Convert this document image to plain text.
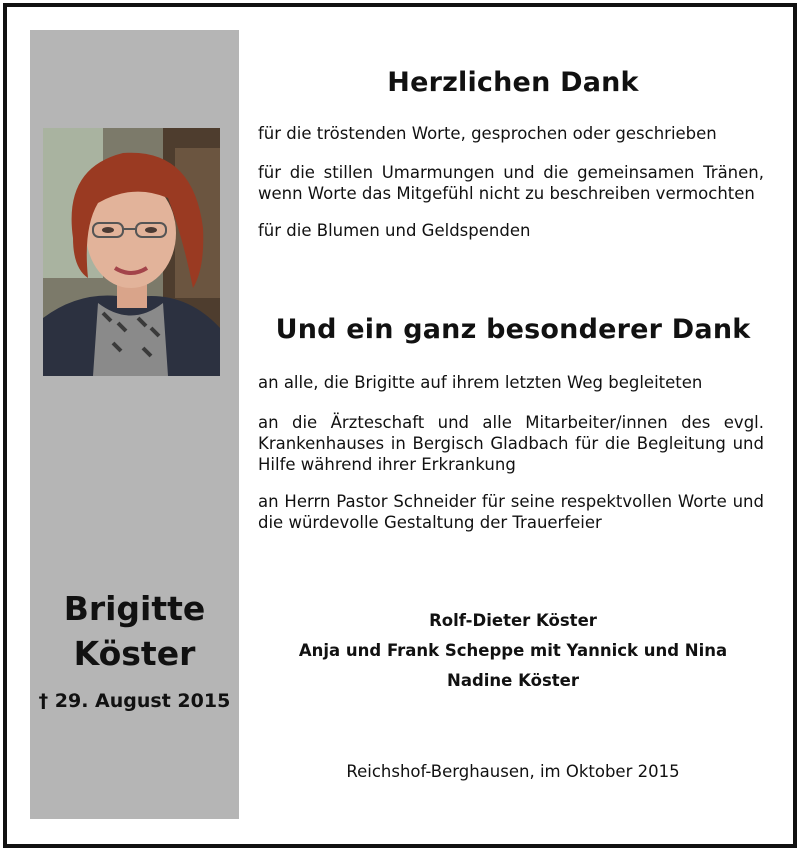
Brigitte
Köster
† 29. August 2015
Herzlichen Dank
für die tröstenden Worte, gesprochen oder geschrieben
für die stillen Umarmungen und die gemeinsamen Tränen, wenn Worte das Mitgefühl nicht zu beschreiben vermochten
für die Blumen und Geldspenden
Und ein ganz besonderer Dank
an alle, die Brigitte auf ihrem letzten Weg begleiteten
an die Ärzteschaft und alle Mitarbeiter/innen des evgl. Krankenhauses in Bergisch Gladbach für die Begleitung und Hilfe während ihrer Erkrankung
an Herrn Pastor Schneider für seine respektvollen Worte und die würdevolle Gestaltung der Trauerfeier
Rolf-Dieter Köster
Anja und Frank Scheppe mit Yannick und Nina
Nadine Köster
Reichshof-Berghausen, im Oktober 2015
